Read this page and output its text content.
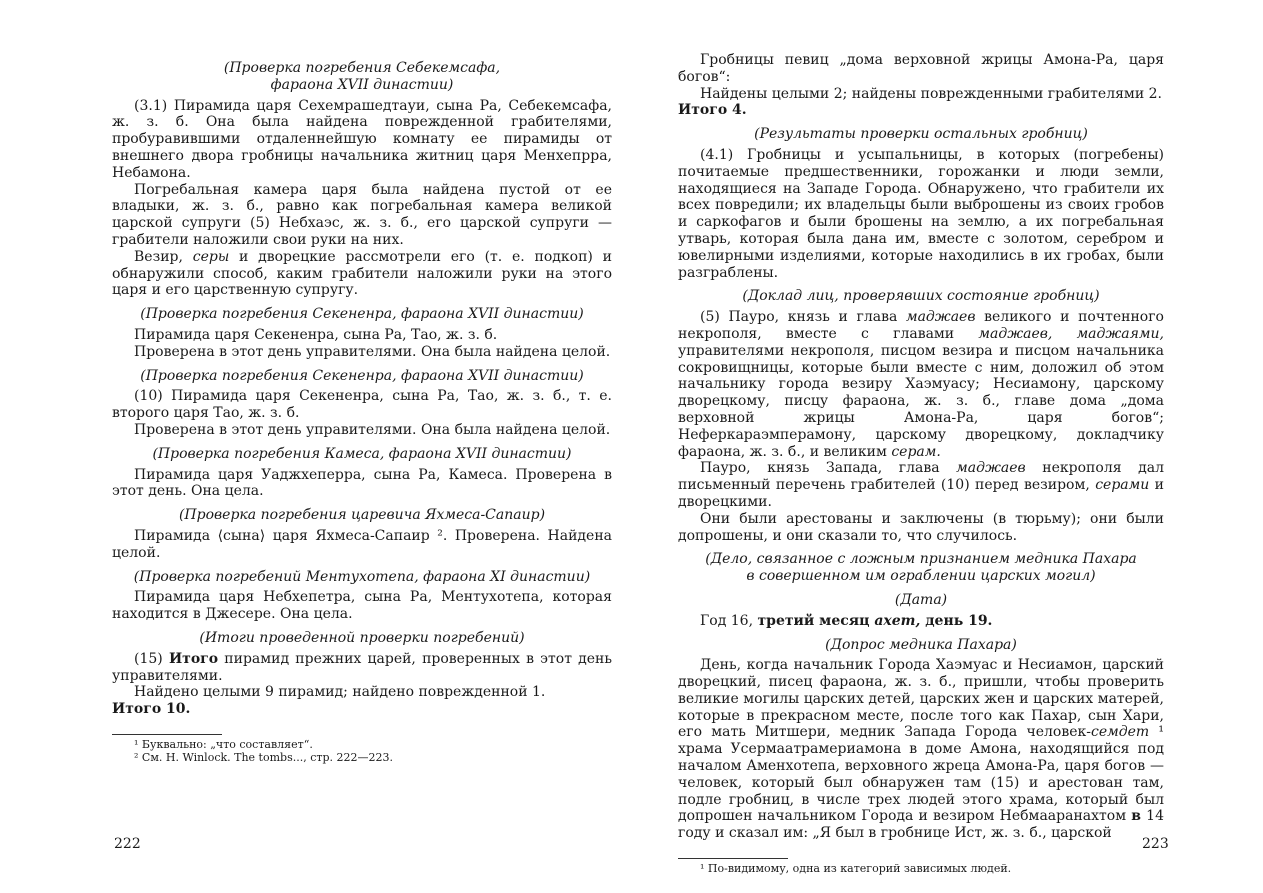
(Проверка погребения Себекемсафа,
фараона XVII династии)

(3.1) Пирамида царя Сехемрашедтауи, сына Ра, Себекемсафа, ж. з. б. Она была найдена поврежденной грабителями, пробуравившими отдаленнейшую комнату ее пирамиды от внешнего двора гробницы начальника житниц царя Менхепрра, Небамона.

Погребальная камера царя была найдена пустой от ее владыки, ж. з. б., равно как погребальная камера великой царской супруги (5) Небхаэс, ж. з. б., его царской супруги — грабители наложили свои руки на них.

Везир, серы и дворецкие рассмотрели его (т. е. подкоп) и обнаружили способ, каким грабители наложили руки на этого царя и его царственную супругу.

(Проверка погребения Секененра, фараона XVII династии)

Пирамида царя Секененра, сына Ра, Тао, ж. з. б.

Проверена в этот день управителями. Она была найдена целой.

(Проверка погребения Секененра, фараона XVII династии)

(10) Пирамида царя Секененра, сына Ра, Тао, ж. з. б., т. е. второго царя Тао, ж. з. б.

Проверена в этот день управителями. Она была найдена целой.

(Проверка погребения Камеса, фараона XVII династии)

Пирамида царя Уаджхеперра, сына Ра, Камеса. Проверена в этот день. Она цела.

(Проверка погребения царевича Яхмеса-Сапаир)

Пирамида ⟨сына⟩ царя Яхмеса-Сапаир ². Проверена. Найдена целой.

(Проверка погребений Ментухотепа, фараона XI династии)

Пирамида царя Небхепетра, сына Ра, Ментухотепа, которая находится в Джесере. Она цела.

(Итоги проведенной проверки погребений)

(15) Итого пирамид прежних царей, проверенных в этот день управителями.

Найдено целыми 9 пирамид; найдено поврежденной 1.

Итого 10.

¹ Буквально: „что составляет“.

² См. H. Winlock. The tombs..., стр. 222—223.

Гробницы певиц „дома верховной жрицы Амона-Ра, царя богов“:

Найдены целыми 2; найдены поврежденными грабителями 2.

Итого 4.

(Результаты проверки остальных гробниц)

(4.1) Гробницы и усыпальницы, в которых (погребены) почитаемые предшественники, горожанки и люди земли, находящиеся на Западе Города. Обнаружено, что грабители их всех повредили; их владельцы были выброшены из своих гробов и саркофагов и были брошены на землю, а их погребальная утварь, которая была дана им, вместе с золотом, серебром и ювелирными изделиями, которые находились в их гробах, были разграблены.

(Доклад лиц, проверявших состояние гробниц)

(5) Пауро, князь и глава маджаев великого и почтенного некрополя, вместе с главами маджаев, маджаями, управителями некрополя, писцом везира и писцом начальника сокровищницы, которые были вместе с ним, доложил об этом начальнику города везиру Хаэмуасу; Несиамону, царскому дворецкому, писцу фараона, ж. з. б., главе дома „дома верховной жрицы Амона-Ра, царя богов“; Неферкараэмперамону, царскому дворецкому, докладчику фараона, ж. з. б., и великим серам.

Пауро, князь Запада, глава маджаев некрополя дал письменный перечень грабителей (10) перед везиром, серами и дворецкими.

Они были арестованы и заключены (в тюрьму); они были допрошены, и они сказали то, что случилось.

(Дело, связанное с ложным признанием медника Пахара
в совершенном им ограблении царских могил)
(Дата)

Год 16, третий месяц ахет, день 19.

(Допрос медника Пахара)

День, когда начальник Города Хаэмуас и Несиамон, царский дворецкий, писец фараона, ж. з. б., пришли, чтобы проверить великие могилы царских детей, царских жен и царских матерей, которые в прекрасном месте, после того как Пахар, сын Хари, его мать Митшери, медник Запада Города человек-семдет ¹ храма Усермаатрамериамона в доме Амона, находящийся под началом Аменхотепа, верховного жреца Амона-Ра, царя богов — человек, который был обнаружен там (15) и арестован там, подле гробниц, в числе трех людей этого храма, который был допрошен начальником Города и везиром Небмааранахтом в 14 году и сказал им: „Я был в гробнице Ист, ж. з. б., царской

¹ По-видимому, одна из категорий зависимых людей.

222	223
